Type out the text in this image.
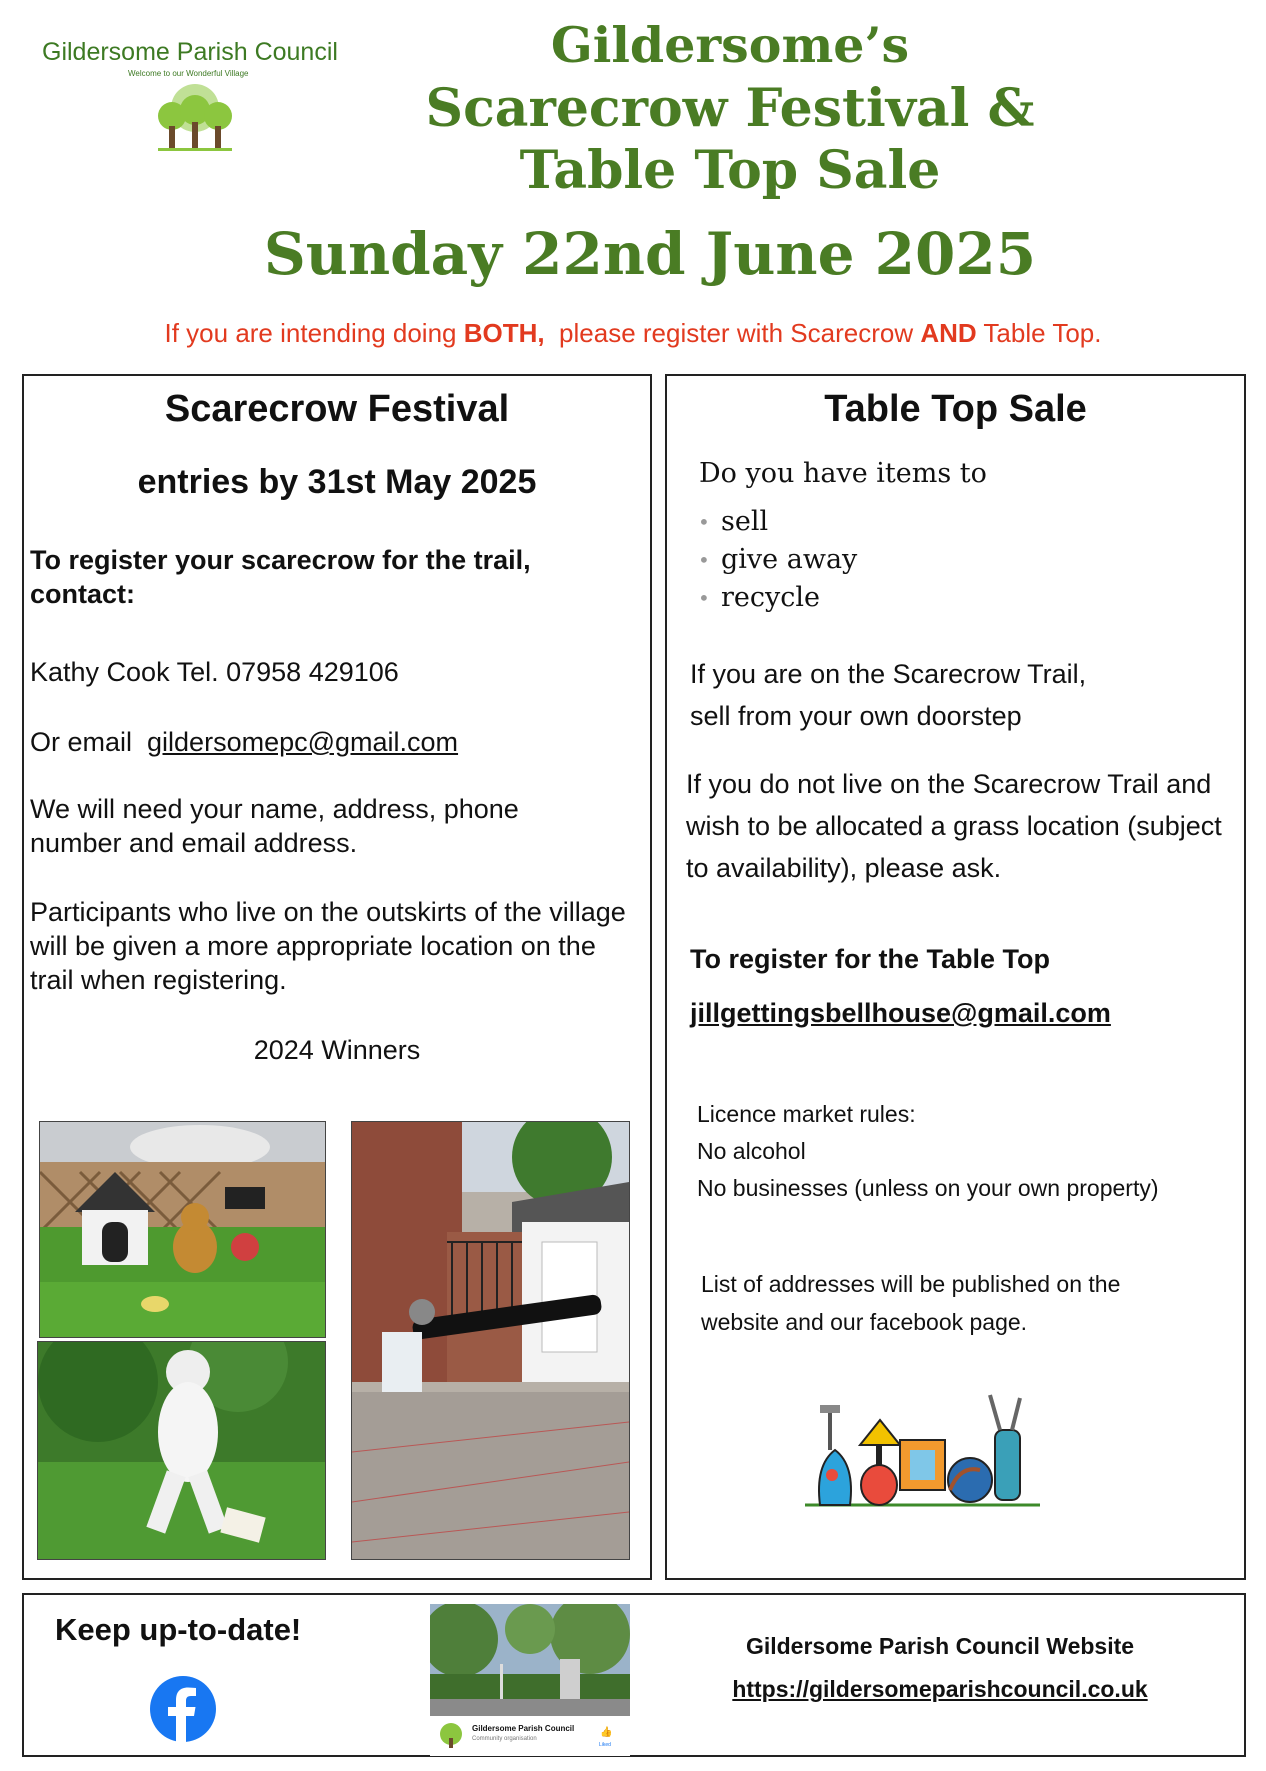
Gildersome Parish Council
Welcome to our Wonderful Village	Gildersome’s
Scarecrow Festival &
Table Top Sale
Sunday 22nd June 2025
If you are intending doing BOTH,  please register with Scarecrow AND Table Top.
Scarecrow Festival
entries by 31st May 2025
To register your scarecrow for the trail, contact:
Kathy Cook Tel. 07958 429106
Or email gildersomepc@gmail.com
We will need your name, address, phone number and email address.
Participants who live on the outskirts of the village will be given a more appropriate location on the trail when registering.
2024 Winners
Table Top Sale
Do you have items to
• sell
• give away
• recycle
If you are on the Scarecrow Trail,
sell from your own doorstep
If you do not live on the Scarecrow Trail and wish to be allocated a grass location (subject to availability), please ask.
To register for the Table Top
jillgettingsbellhouse@gmail.com
Licence market rules:
No alcohol
No businesses (unless on your own property)
List of addresses will be published on the website and our facebook page.
Keep up-to-date!
Gildersome Parish Council
Community organisation
👍
Liked
Gildersome Parish Council Website
https://gildersomeparishcouncil.co.uk
